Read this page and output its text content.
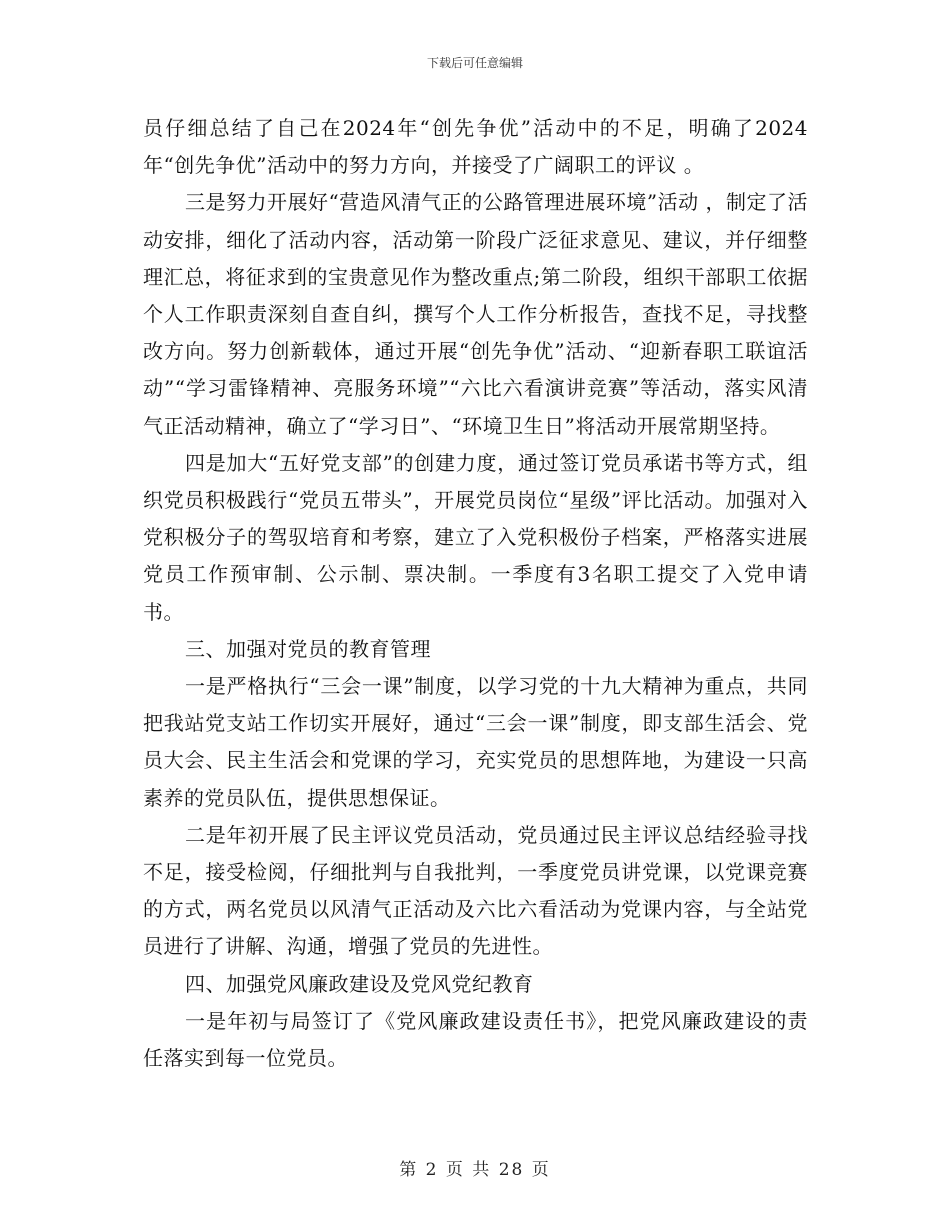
下载后可任意编辑

员仔细总结了自己在2024年“创先争优”活动中的不足，明确了2024年“创先争优”活动中的努力方向，并接受了广阔职工的评议 。

三是努力开展好“营造风清气正的公路管理进展环境”活动 ，制定了活动安排，细化了活动内容，活动第一阶段广泛征求意见、建议，并仔细整理汇总，将征求到的宝贵意见作为整改重点;第二阶段，组织干部职工依据个人工作职责深刻自查自纠，撰写个人工作分析报告，查找不足，寻找整改方向。努力创新载体，通过开展“创先争优”活动、“迎新春职工联谊活动”“学习雷锋精神、亮服务环境”“六比六看演讲竞赛”等活动，落实风清气正活动精神，确立了“学习日”、“环境卫生日”将活动开展常期坚持。

四是加大“五好党支部”的创建力度，通过签订党员承诺书等方式，组织党员积极践行“党员五带头”，开展党员岗位“星级”评比活动。加强对入党积极分子的驾驭培育和考察，建立了入党积极份子档案，严格落实进展党员工作预审制、公示制、票决制。一季度有3名职工提交了入党申请书。

三、加强对党员的教育管理

一是严格执行“三会一课”制度，以学习党的十九大精神为重点，共同把我站党支站工作切实开展好，通过“三会一课”制度，即支部生活会、党员大会、民主生活会和党课的学习，充实党员的思想阵地，为建设一只高素养的党员队伍，提供思想保证。

二是年初开展了民主评议党员活动，党员通过民主评议总结经验寻找不足，接受检阅，仔细批判与自我批判，一季度党员讲党课，以党课竞赛的方式，两名党员以风清气正活动及六比六看活动为党课内容，与全站党员进行了讲解、沟通，增强了党员的先进性。

四、加强党风廉政建设及党风党纪教育

一是年初与局签订了《党风廉政建设责任书》，把党风廉政建设的责任落实到每一位党员。

第 2 页 共 28 页
